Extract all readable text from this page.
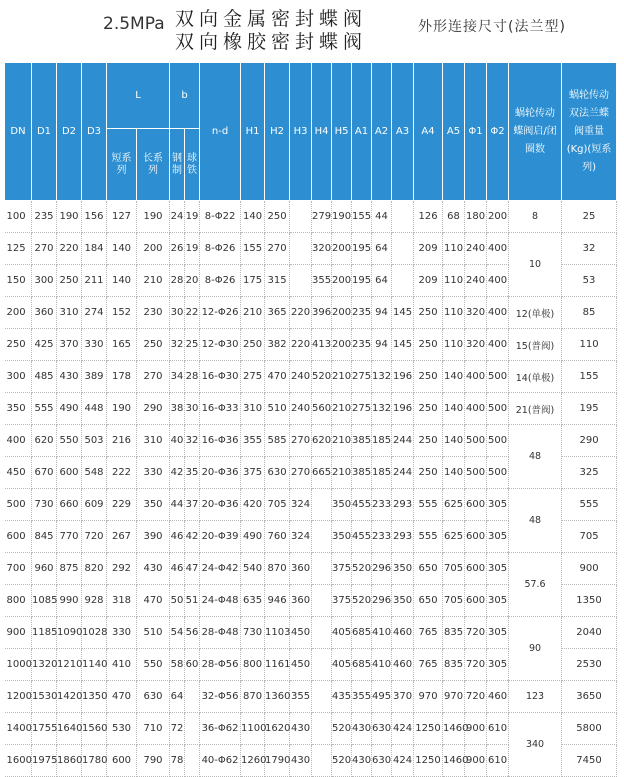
2.5MPa 双向金属密封蝶阀
双向橡胶密封蝶阀
外形连接尺寸(法兰型)
DN	D1	D2	D3	L		b		n-d	H1	H2	H3	H4	H5	A1	A2	A3	A4	A5	Φ1	Φ2	蜗轮传动蝶阀启/闭圈数	蜗轮传动双法兰蝶阀重量(Kg)(短系列)
				短系列	长系列	钢制	球铁															
100	235	190	156	127	190	24	19	8-Φ22	140	250		279	190	155	44		126	68	180	200	8	25
125	270	220	184	140	200	26	19	8-Φ26	155	270		320	200	195	64		209	110	240	400	10	32
150	300	250	211	140	210	28	20	8-Φ26	175	315		355	200	195	64		209	110	240	400		53
200	360	310	274	152	230	30	22	12-Φ26	210	365	220	396	200	235	94	145	250	110	320	400	12(单极)	85
250	425	370	330	165	250	32	25	12-Φ30	250	382	220	413	200	235	94	145	250	110	320	400	15(普阀)	110
300	485	430	389	178	270	34	28	16-Φ30	275	470	240	520	210	275	132	196	250	140	400	500	14(单极)	155
350	555	490	448	190	290	38	30	16-Φ33	310	510	240	560	210	275	132	196	250	140	400	500	21(普阀)	195
400	620	550	503	216	310	40	32	16-Φ36	355	585	270	620	210	385	185	244	250	140	500	500	48	290
450	670	600	548	222	330	42	35	20-Φ36	375	630	270	665	210	385	185	244	250	140	500	500		325
500	730	660	609	229	350	44	37	20-Φ36	420	705	324		350	455	233	293	555	625	600	305	48	555
600	845	770	720	267	390	46	42	20-Φ39	490	760	324		350	455	233	293	555	625	600	305		705
700	960	875	820	292	430	46	47	24-Φ42	540	870	360		375	520	296	350	650	705	600	305	57.6	900
800	1085	990	928	318	470	50	51	24-Φ48	635	946	360		375	520	296	350	650	705	600	305		1350
900	1185	1090	1028	330	510	54	56	28-Φ48	730	1103	450		405	685	410	460	765	835	720	305	90	2040
1000	1320	1210	1140	410	550	58	60	28-Φ56	800	1161	450		405	685	410	460	765	835	720	305		2530
1200	1530	1420	1350	470	630	64		32-Φ56	870	1360	355		435	355	495	370	970	970	720	460	123	3650
1400	1755	1640	1560	530	710	72		36-Φ62	1100	1620	430		520	430	630	424	1250	1460	900	610	340	5800
1600	1975	1860	1780	600	790	78		40-Φ62	1260	1790	430		520	430	630	424	1250	1460	900	610		7450
